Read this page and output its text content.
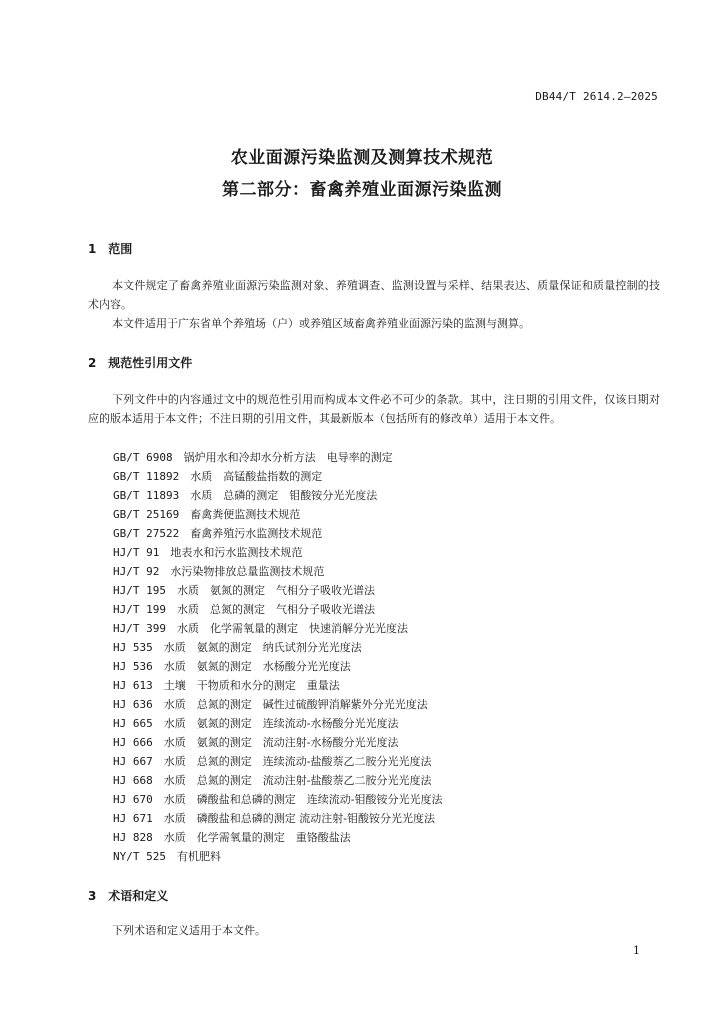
DB44/T 2614.2—2025
农业面源污染监测及测算技术规范
第二部分：畜禽养殖业面源污染监测
1 范围
本文件规定了畜禽养殖业面源污染监测对象、养殖调查、监测设置与采样、结果表达、质量保证和质量控制的技术内容。
本文件适用于广东省单个养殖场（户）或养殖区域畜禽养殖业面源污染的监测与测算。
2 规范性引用文件
下列文件中的内容通过文中的规范性引用而构成本文件必不可少的条款。其中，注日期的引用文件，仅该日期对应的版本适用于本文件；不注日期的引用文件，其最新版本（包括所有的修改单）适用于本文件。
GB/T 6908　 锅炉用水和冷却水分析方法　电导率的测定
GB/T 11892　 水质　高锰酸盐指数的测定
GB/T 11893　 水质　总磷的测定　钼酸铵分光光度法
GB/T 25169　 畜禽粪便监测技术规范
GB/T 27522　 畜禽养殖污水监测技术规范
HJ/T 91　 地表水和污水监测技术规范
HJ/T 92　 水污染物排放总量监测技术规范
HJ/T 195　 水质　氨氮的测定　气相分子吸收光谱法
HJ/T 199　 水质　总氮的测定　气相分子吸收光谱法
HJ/T 399　 水质　化学需氧量的测定　快速消解分光光度法
HJ 535　 水质　氨氮的测定　纳氏试剂分光光度法
HJ 536　 水质　氨氮的测定　水杨酸分光光度法
HJ 613　 土壤　干物质和水分的测定　重量法
HJ 636　 水质　总氮的测定　碱性过硫酸钾消解紫外分光光度法
HJ 665　 水质　氨氮的测定　连续流动-水杨酸分光光度法
HJ 666　 水质　氨氮的测定　流动注射-水杨酸分光光度法
HJ 667　 水质　总氮的测定　连续流动-盐酸萘乙二胺分光光度法
HJ 668　 水质　总氮的测定　流动注射-盐酸萘乙二胺分光光度法
HJ 670　 水质　磷酸盐和总磷的测定　连续流动-钼酸铵分光光度法
HJ 671　 水质　磷酸盐和总磷的测定 流动注射-钼酸铵分光光度法
HJ 828　 水质　化学需氧量的测定　重铬酸盐法
NY/T 525　 有机肥料
3 术语和定义
下列术语和定义适用于本文件。
1
